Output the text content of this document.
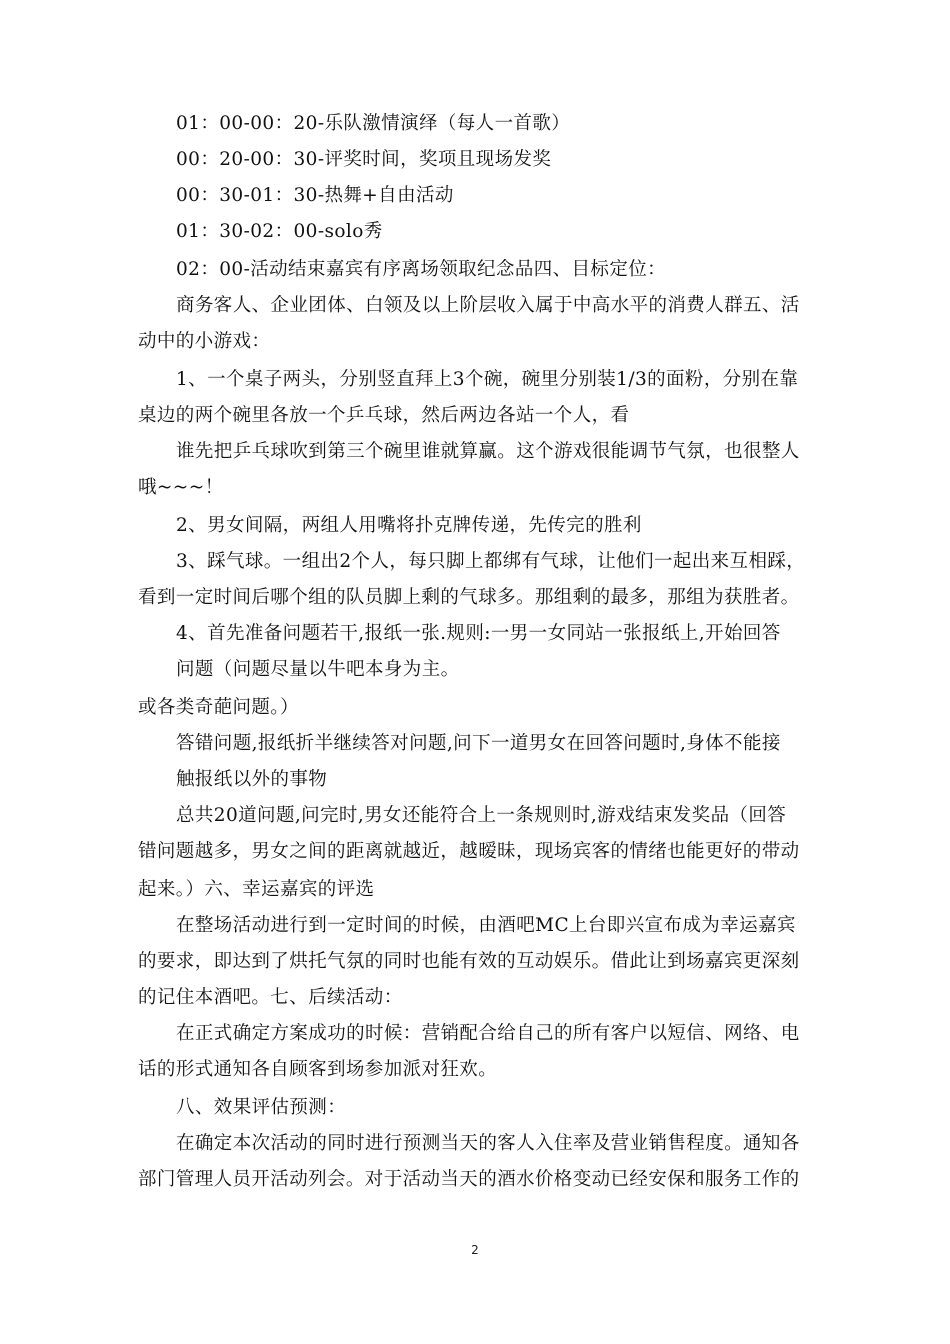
01：00-00：20-乐队激情演绎（每人一首歌）
00：20-00：30-评奖时间，奖项且现场发奖
00：30-01：30-热舞+自由活动
01：30-02：00-solo秀
02：00-活动结束嘉宾有序离场领取纪念品四、目标定位：
商务客人、企业团体、白领及以上阶层收入属于中高水平的消费人群五、活
动中的小游戏：
1、一个桌子两头，分别竖直拜上3个碗，碗里分别装1/3的面粉，分别在靠
桌边的两个碗里各放一个乒乓球，然后两边各站一个人，看
谁先把乒乓球吹到第三个碗里谁就算赢。这个游戏很能调节气氛，也很整人
哦~~~！
2、男女间隔，两组人用嘴将扑克牌传递，先传完的胜利
3、踩气球。一组出2个人，每只脚上都绑有气球，让他们一起出来互相踩，
看到一定时间后哪个组的队员脚上剩的气球多。那组剩的最多，那组为获胜者。
4、首先准备问题若干,报纸一张.规则:一男一女同站一张报纸上,开始回答
问题（问题尽量以牛吧本身为主。
或各类奇葩问题。）
答错问题,报纸折半继续答对问题,问下一道男女在回答问题时,身体不能接
触报纸以外的事物
总共20道问题,问完时,男女还能符合上一条规则时,游戏结束发奖品（回答
错问题越多，男女之间的距离就越近，越暧昧，现场宾客的情绪也能更好的带动
起来。）六、幸运嘉宾的评选
在整场活动进行到一定时间的时候，由酒吧MC上台即兴宣布成为幸运嘉宾
的要求，即达到了烘托气氛的同时也能有效的互动娱乐。借此让到场嘉宾更深刻
的记住本酒吧。七、后续活动：
在正式确定方案成功的时候：营销配合给自己的所有客户以短信、网络、电
话的形式通知各自顾客到场参加派对狂欢。
八、效果评估预测：
在确定本次活动的同时进行预测当天的客人入住率及营业销售程度。通知各
部门管理人员开活动列会。对于活动当天的酒水价格变动已经安保和服务工作的
2
